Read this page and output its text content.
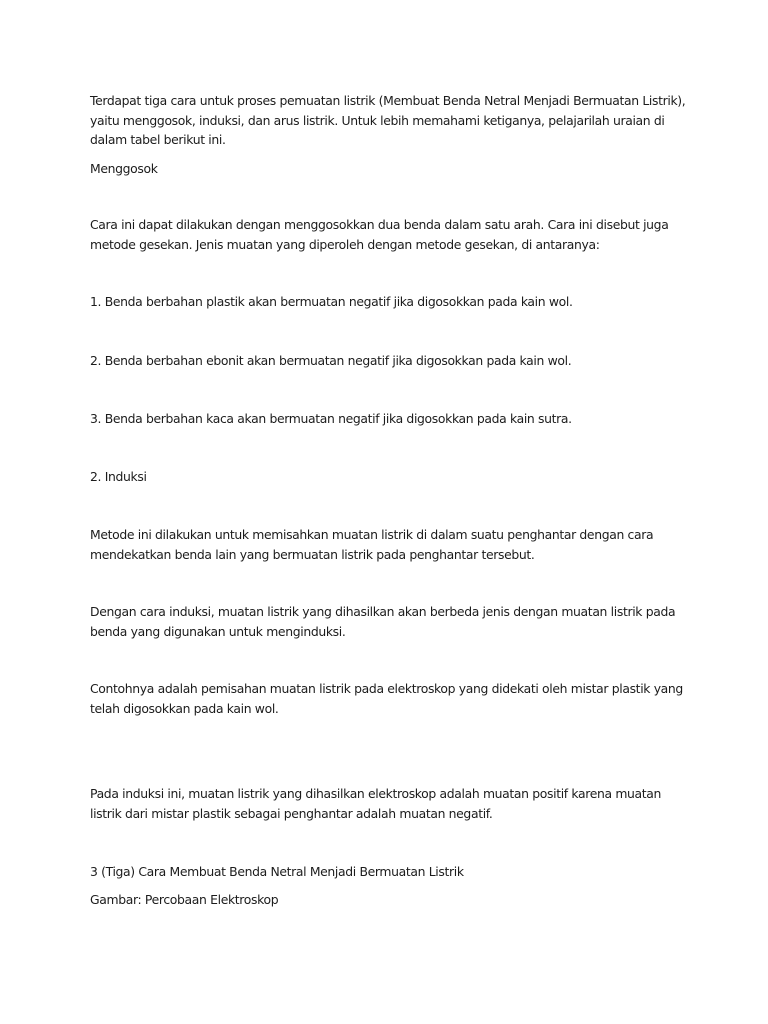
Terdapat tiga cara untuk proses pemuatan listrik (Membuat Benda Netral Menjadi Bermuatan Listrik), yaitu menggosok, induksi, dan arus listrik. Untuk lebih memahami ketiganya, pelajarilah uraian di dalam tabel berikut ini.

Menggosok

Cara ini dapat dilakukan dengan menggosokkan dua benda dalam satu arah. Cara ini disebut juga metode gesekan. Jenis muatan yang diperoleh dengan metode gesekan, di antaranya:

1. Benda berbahan plastik akan bermuatan negatif jika digosokkan pada kain wol.

2. Benda berbahan ebonit akan bermuatan negatif jika digosokkan pada kain wol.

3. Benda berbahan kaca akan bermuatan negatif jika digosokkan pada kain sutra.

2. Induksi

Metode ini dilakukan untuk memisahkan muatan listrik di dalam suatu penghantar dengan cara mendekatkan benda lain yang bermuatan listrik pada penghantar tersebut.

Dengan cara induksi, muatan listrik yang dihasilkan akan berbeda jenis dengan muatan listrik pada benda yang digunakan untuk menginduksi.

Contohnya adalah pemisahan muatan listrik pada elektroskop yang didekati oleh mistar plastik yang telah digosokkan pada kain wol.

Pada induksi ini, muatan listrik yang dihasilkan elektroskop adalah muatan positif karena muatan listrik dari mistar plastik sebagai penghantar adalah muatan negatif.

3 (Tiga) Cara Membuat Benda Netral Menjadi Bermuatan Listrik

Gambar: Percobaan Elektroskop
